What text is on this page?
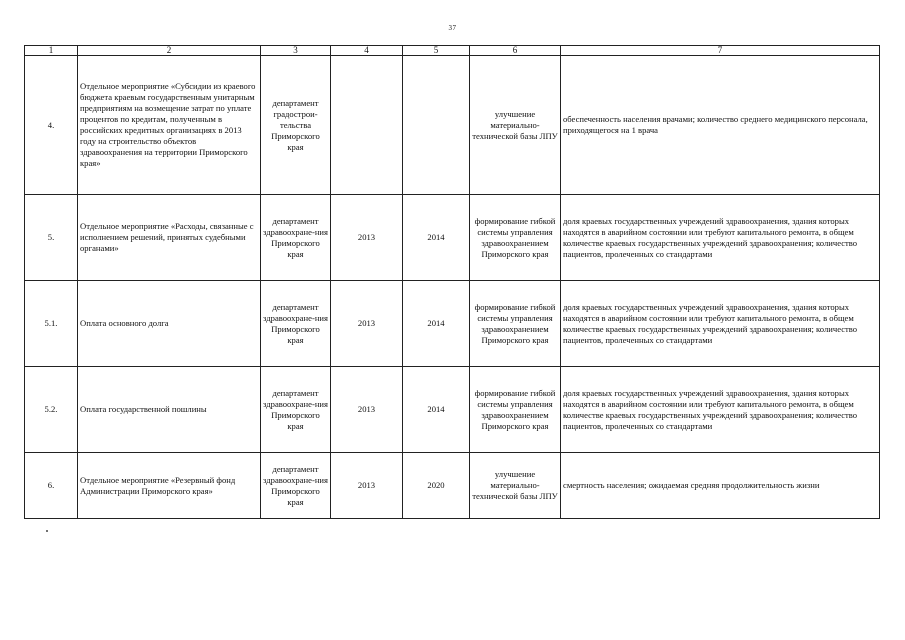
37
1	2	3	4	5	6	7
4.	Отдельное мероприятие «Субсидии из краевого бюджета краевым государственным унитарным предприятиям на возмещение затрат по уплате процентов по кредитам, полученным в российских кредитных организациях в 2013 году на строительство объектов здравоохранения на территории Приморского края»	департамент градострои-тельства Приморского края			улучшение материально-технической базы ЛПУ	обеспеченность населения врачами; количество среднего медицинского персонала, приходящегося на 1 врача
5.	Отдельное мероприятие «Расходы, связанные с исполнением решений, принятых судебными органами»	департамент здравоохране-ния Приморского края	2013	2014	формирование гибкой системы управления здравоохранением Приморского края	доля краевых государственных учреждений здравоохранения, здания которых находятся в аварийном состоянии или требуют капитального ремонта, в общем количестве краевых государственных учреждений здравоохранения; количество пациентов, пролеченных со стандартами
5.1.	Оплата основного долга	департамент здравоохране-ния Приморского края	2013	2014	формирование гибкой системы управления здравоохранением Приморского края	доля краевых государственных учреждений здравоохранения, здания которых находятся в аварийном состоянии или требуют капитального ремонта, в общем количестве краевых государственных учреждений здравоохранения; количество пациентов, пролеченных со стандартами
5.2.	Оплата государственной пошлины	департамент здравоохране-ния Приморского края	2013	2014	формирование гибкой системы управления здравоохранением Приморского края	доля краевых государственных учреждений здравоохранения, здания которых находятся в аварийном состоянии или требуют капитального ремонта, в общем количестве краевых государственных учреждений здравоохранения; количество пациентов, пролеченных со стандартами
6.	Отдельное мероприятие «Резервный фонд Администрации Приморского края»	департамент здравоохране-ния Приморского края	2013	2020	улучшение материально-технической базы ЛПУ	смертность населения; ожидаемая средняя продолжительность жизни
